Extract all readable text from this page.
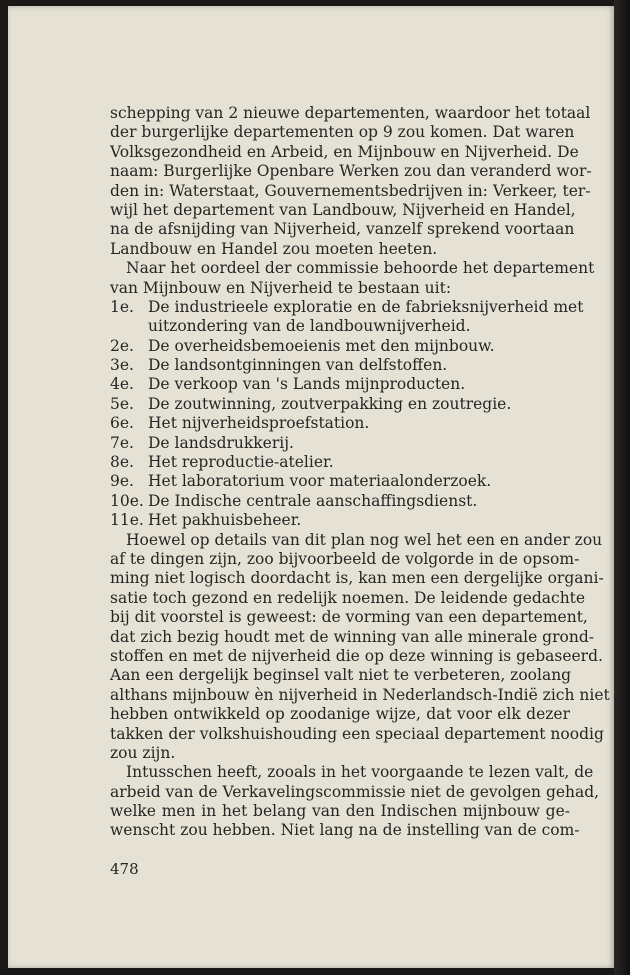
schepping van 2 nieuwe departementen, waardoor het totaal
der burgerlijke departementen op 9 zou komen. Dat waren
Volksgezondheid en Arbeid, en Mijnbouw en Nijverheid. De
naam: Burgerlijke Openbare Werken zou dan veranderd wor-
den in: Waterstaat, Gouvernementsbedrijven in: Verkeer, ter-
wijl het departement van Landbouw, Nijverheid en Handel,
na de afsnijding van Nijverheid, vanzelf sprekend voortaan
Landbouw en Handel zou moeten heeten.
Naar het oordeel der commissie behoorde het departement
van Mijnbouw en Nijverheid te bestaan uit:
1e. De industrieele exploratie en de fabrieksnijverheid met
uitzondering van de landbouwnijverheid.
2e. De overheidsbemoeienis met den mijnbouw.
3e. De landsontginningen van delfstoffen.
4e. De verkoop van 's Lands mijnproducten.
5e. De zoutwinning, zoutverpakking en zoutregie.
6e. Het nijverheidsproefstation.
7e. De landsdrukkerij.
8e. Het reproductie-atelier.
9e. Het laboratorium voor materiaalonderzoek.
10e. De Indische centrale aanschaffingsdienst.
11e. Het pakhuisbeheer.
Hoewel op details van dit plan nog wel het een en ander zou
af te dingen zijn, zoo bijvoorbeeld de volgorde in de opsom-
ming niet logisch doordacht is, kan men een dergelijke organi-
satie toch gezond en redelijk noemen. De leidende gedachte
bij dit voorstel is geweest: de vorming van een departement,
dat zich bezig houdt met de winning van alle minerale grond-
stoffen en met de nijverheid die op deze winning is gebaseerd.
Aan een dergelijk beginsel valt niet te verbeteren, zoolang
althans mijnbouw èn nijverheid in Nederlandsch-Indië zich niet
hebben ontwikkeld op zoodanige wijze, dat voor elk dezer
takken der volkshuishouding een speciaal departement noodig
zou zijn.
Intusschen heeft, zooals in het voorgaande te lezen valt, de
arbeid van de Verkavelingscommissie niet de gevolgen gehad,
welke men in het belang van den Indischen mijnbouw ge-
wenscht zou hebben. Niet lang na de instelling van de com-
478
